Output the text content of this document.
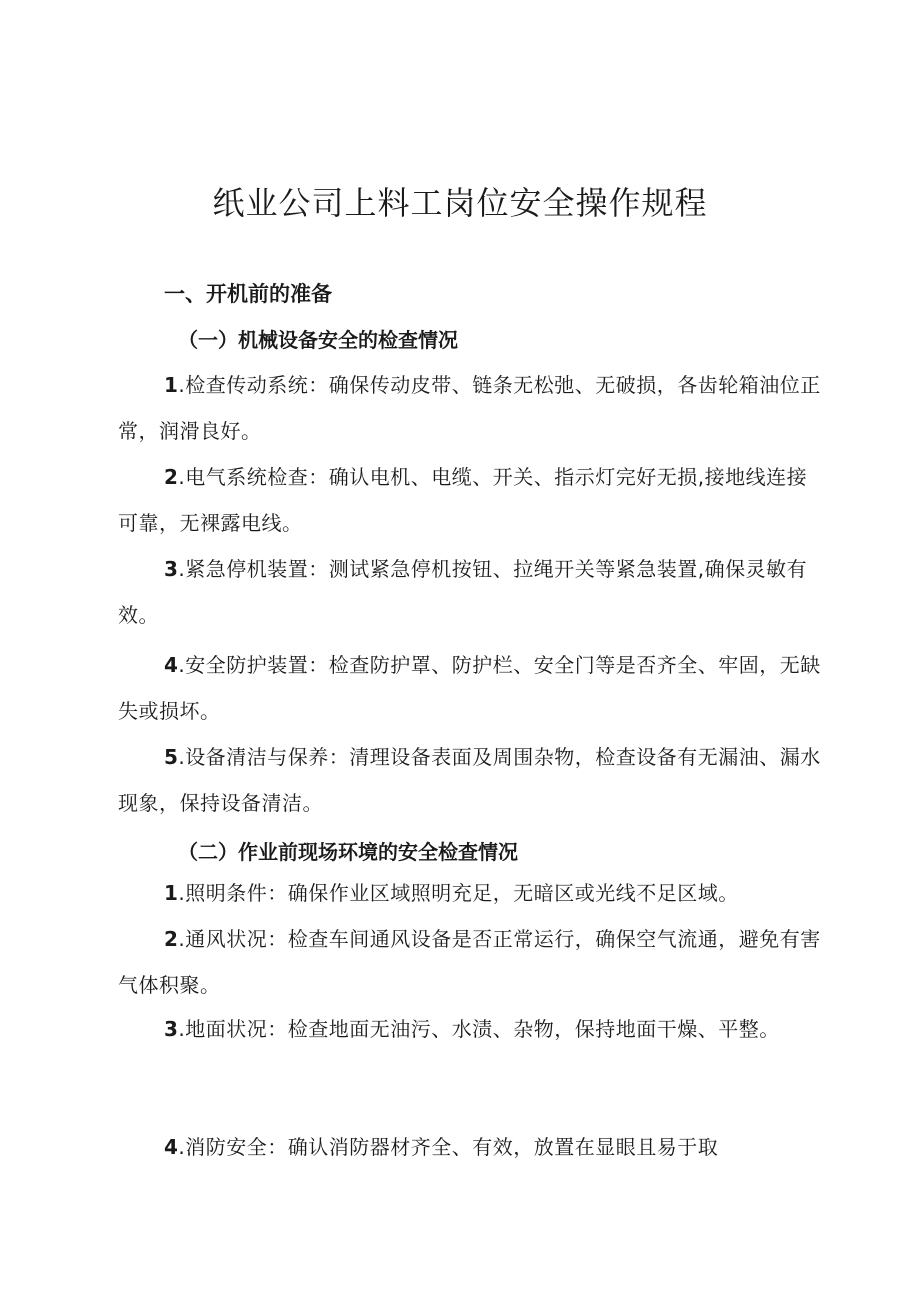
纸业公司上料工岗位安全操作规程
一、开机前的准备
（一）机械设备安全的检查情况

1.检查传动系统：确保传动皮带、链条无松弛、无破损，各齿轮箱油位正常，润滑良好。

2.电气系统检查：确认电机、电缆、开关、指示灯完好无损,接地线连接可靠，无裸露电线。

3.紧急停机装置：测试紧急停机按钮、拉绳开关等紧急装置,确保灵敏有效。

4.安全防护装置：检查防护罩、防护栏、安全门等是否齐全、牢固，无缺失或损坏。

5.设备清洁与保养：清理设备表面及周围杂物，检查设备有无漏油、漏水现象，保持设备清洁。

（二）作业前现场环境的安全检查情况

1.照明条件：确保作业区域照明充足，无暗区或光线不足区域。

2.通风状况：检查车间通风设备是否正常运行，确保空气流通，避免有害气体积聚。

3.地面状况：检查地面无油污、水渍、杂物，保持地面干燥、平整。

4.消防安全：确认消防器材齐全、有效，放置在显眼且易于取
